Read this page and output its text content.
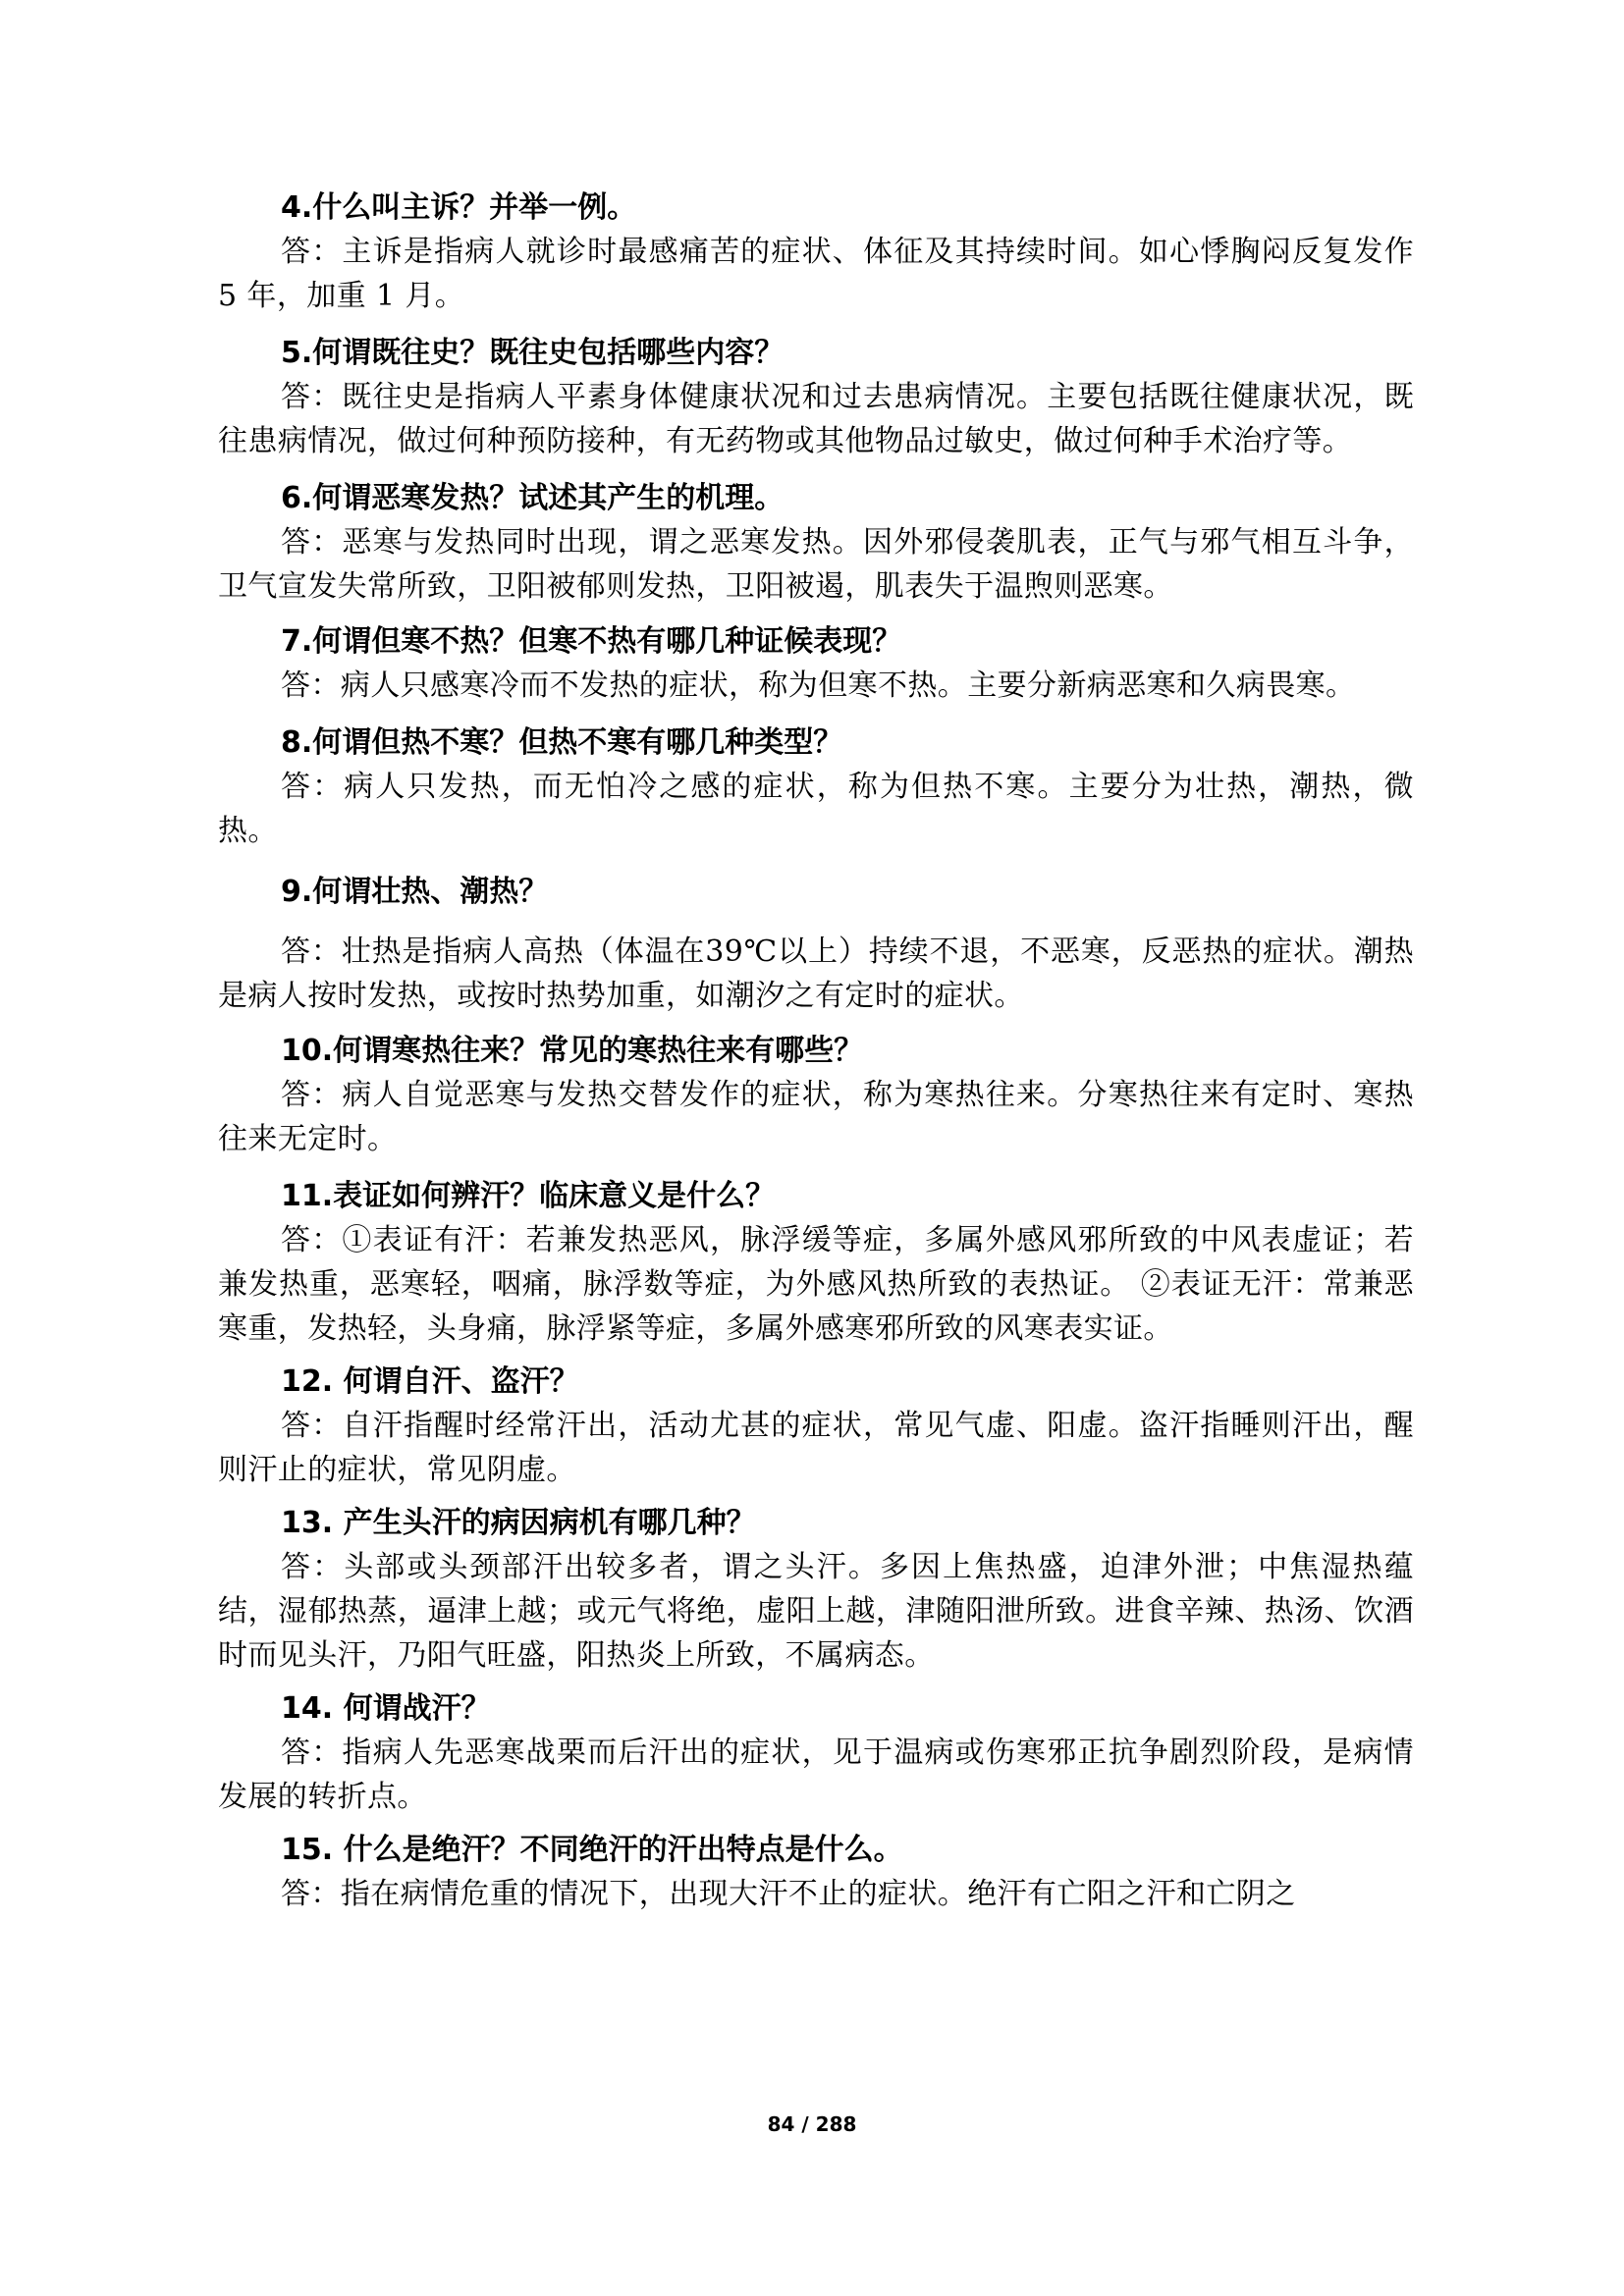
4.什么叫主诉？并举一例。

答：主诉是指病人就诊时最感痛苦的症状、体征及其持续时间。如心悸胸闷反复发作 5 年，加重 1 月。

5.何谓既往史？既往史包括哪些内容？

答：既往史是指病人平素身体健康状况和过去患病情况。主要包括既往健康状况，既往患病情况，做过何种预防接种，有无药物或其他物品过敏史，做过何种手术治疗等。

6.何谓恶寒发热？试述其产生的机理。

答：恶寒与发热同时出现，谓之恶寒发热。因外邪侵袭肌表，正气与邪气相互斗争，卫气宣发失常所致，卫阳被郁则发热，卫阳被遏，肌表失于温煦则恶寒。

7.何谓但寒不热？但寒不热有哪几种证候表现？

答：病人只感寒冷而不发热的症状，称为但寒不热。主要分新病恶寒和久病畏寒。

8.何谓但热不寒？但热不寒有哪几种类型？

答：病人只发热，而无怕冷之感的症状，称为但热不寒。主要分为壮热，潮热，微热。

9.何谓壮热、潮热？

答：壮热是指病人高热（体温在39℃以上）持续不退，不恶寒，反恶热的症状。潮热是病人按时发热，或按时热势加重，如潮汐之有定时的症状。

10.何谓寒热往来？常见的寒热往来有哪些？

答：病人自觉恶寒与发热交替发作的症状，称为寒热往来。分寒热往来有定时、寒热往来无定时。

11.表证如何辨汗？临床意义是什么？

答：①表证有汗：若兼发热恶风，脉浮缓等症，多属外感风邪所致的中风表虚证；若兼发热重，恶寒轻，咽痛，脉浮数等症，为外感风热所致的表热证。 ②表证无汗：常兼恶寒重，发热轻，头身痛，脉浮紧等症，多属外感寒邪所致的风寒表实证。

12. 何谓自汗、盗汗？

答：自汗指醒时经常汗出，活动尤甚的症状，常见气虚、阳虚。盗汗指睡则汗出，醒则汗止的症状，常见阴虚。

13. 产生头汗的病因病机有哪几种？

答：头部或头颈部汗出较多者，谓之头汗。多因上焦热盛，迫津外泄；中焦湿热蕴结，湿郁热蒸，逼津上越；或元气将绝，虚阳上越，津随阳泄所致。进食辛辣、热汤、饮酒时而见头汗，乃阳气旺盛，阳热炎上所致，不属病态。

14. 何谓战汗？

答：指病人先恶寒战栗而后汗出的症状，见于温病或伤寒邪正抗争剧烈阶段，是病情发展的转折点。

15. 什么是绝汗？不同绝汗的汗出特点是什么。

答：指在病情危重的情况下，出现大汗不止的症状。绝汗有亡阳之汗和亡阴之

84 / 288
